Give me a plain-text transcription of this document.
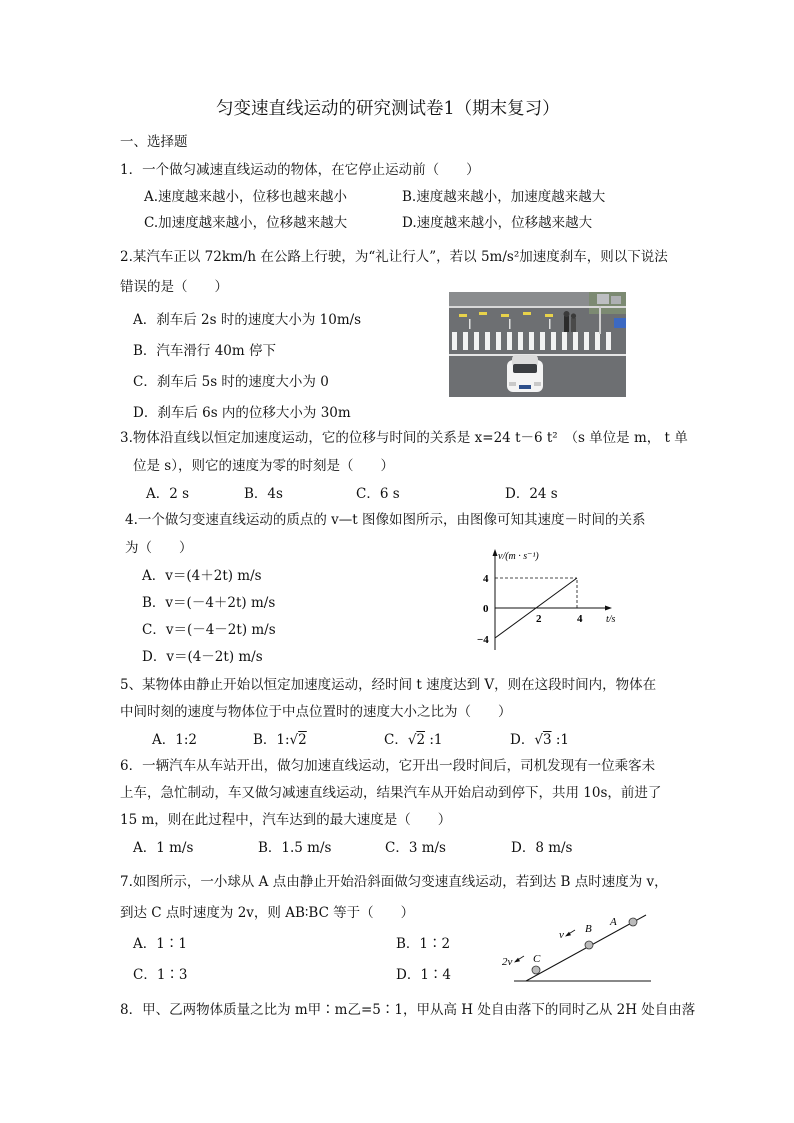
匀变速直线运动的研究测试卷1（期末复习）
一、选择题
1．一个做匀减速直线运动的物体，在它停止运动前（　　）
A.速度越来越小，位移也越来越小	B.速度越来越小，加速度越来越大
C.加速度越来越小，位移越来越大	D.速度越来越小，位移越来越大
2.某汽车正以 72km/h 在公路上行驶，为“礼让行人”，若以 5m/s²加速度刹车，则以下说法
错误的是（　　）
A．刹车后 2s 时的速度大小为 10m/s
B．汽车滑行 40m 停下
C．刹车后 5s 时的速度大小为 0
D．刹车后 6s 内的位移大小为 30m
3.物体沿直线以恒定加速度运动，它的位移与时间的关系是 x=24 t－6 t²　（s 单位是 m， t 单
位是 s），则它的速度为零的时刻是（　　）
A．2 s	B．4s	C．6 s	D．24 s
4.一个做匀变速直线运动的质点的 v—t 图像如图所示，由图像可知其速度－时间的关系
为（　　）
A．v＝(4＋2t) m/s
B．v＝(－4＋2t) m/s
C．v＝(－4－2t) m/s
D．v＝(4－2t) m/s
v/(m · s⁻¹)
t/s
4
0
−4
2	4
5、某物体由静止开始以恒定加速度运动，经时间 t 速度达到 V，则在这段时间内，物体在
中间时刻的速度与物体位于中点位置时的速度大小之比为（　　）
A．1:2	B．1:√2	C．√2 :1	D．√3 :1
6．一辆汽车从车站开出，做匀加速直线运动，它开出一段时间后，司机发现有一位乘客未
上车，急忙制动，车又做匀减速直线运动，结果汽车从开始启动到停下，共用 10s，前进了
15 m，则在此过程中，汽车达到的最大速度是（　　）
A．1 m/s	B．1.5 m/s	C．3 m/s	D．8 m/s
7.如图所示，一小球从 A 点由静止开始沿斜面做匀变速直线运动，若到达 B 点时速度为 v，
到达 C 点时速度为 2v，则 AB∶BC 等于（　　）
A．1∶1	B．1∶2
C．1∶3	D．1∶4
A
B
C
v
2v
8．甲、乙两物体质量之比为 m甲∶m乙=5∶1，甲从高 H 处自由落下的同时乙从 2H 处自由落
